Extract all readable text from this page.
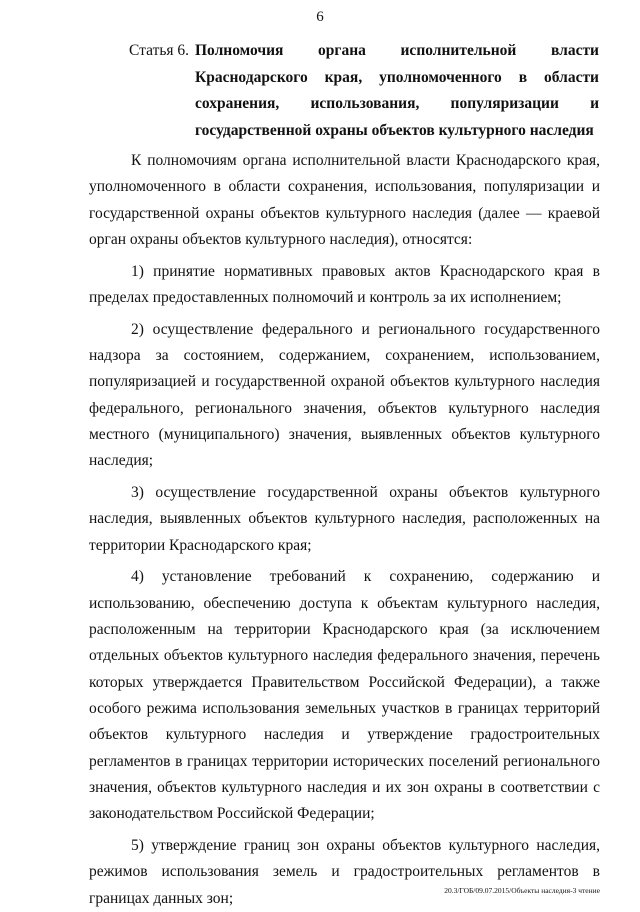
6
Статья 6. Полномочия органа исполнительной власти Краснодарского края, уполномоченного в области сохранения, использования, популяризации и государственной охраны объектов культурного наследия

К полномочиям органа исполнительной власти Краснодарского края, уполномоченного в области сохранения, использования, популяризации и государственной охраны объектов культурного наследия (далее — краевой орган охраны объектов культурного наследия), относятся:

1) принятие нормативных правовых актов Краснодарского края в пределах предоставленных полномочий и контроль за их исполнением;

2) осуществление федерального и регионального государственного надзора за состоянием, содержанием, сохранением, использованием, популяризацией и государственной охраной объектов культурного наследия федерального, регионального значения, объектов культурного наследия местного (муниципального) значения, выявленных объектов культурного наследия;

3) осуществление государственной охраны объектов культурного наследия, выявленных объектов культурного наследия, расположенных на территории Краснодарского края;

4) установление требований к сохранению, содержанию и использованию, обеспечению доступа к объектам культурного наследия, расположенным на территории Краснодарского края (за исключением отдельных объектов культурного наследия федерального значения, перечень которых утверждается Правительством Российской Федерации), а также особого режима использования земельных участков в границах территорий объектов культурного наследия и утверждение градостроительных регламентов в границах территории исторических поселений регионального значения, объектов культурного наследия и их зон охраны в соответствии с законодательством Российской Федерации;

5) утверждение границ зон охраны объектов культурного наследия, режимов использования земель и градостроительных регламентов в границах данных зон;	20.3/ГОБ/09.07.2015/Объекты наследия-3 чтение
